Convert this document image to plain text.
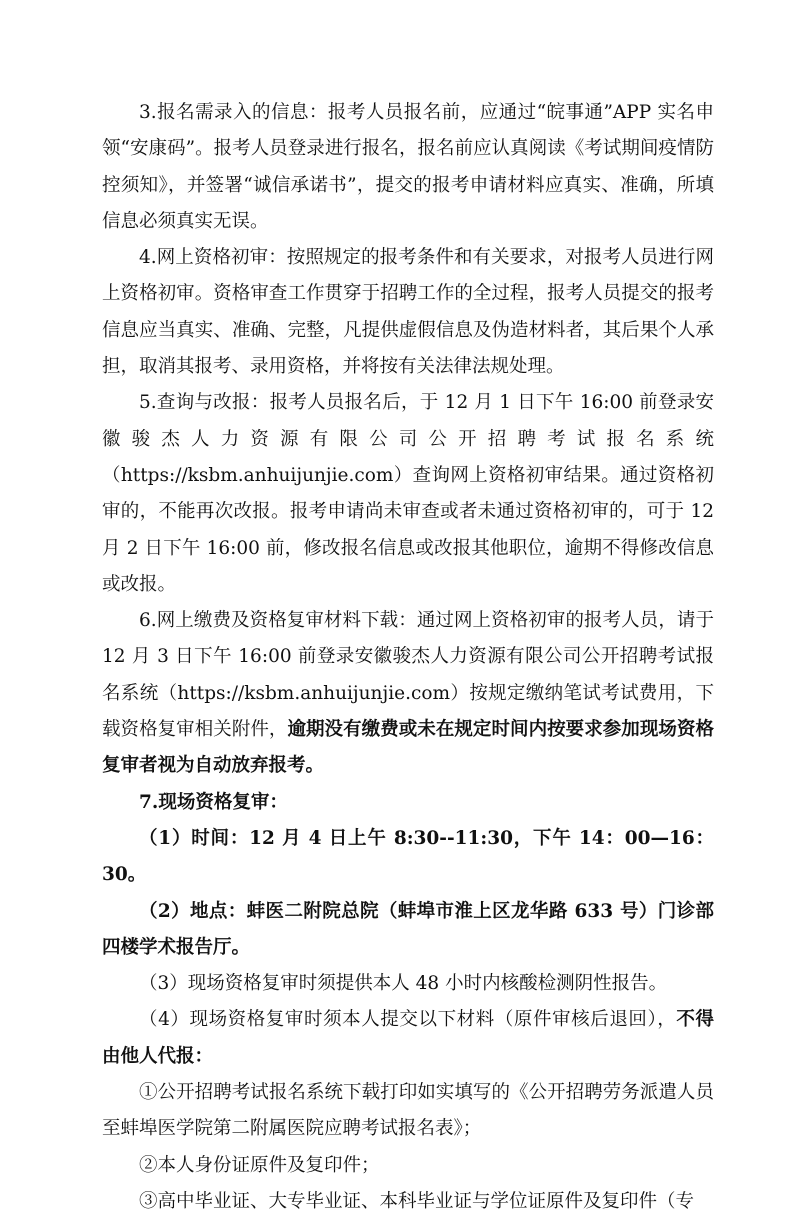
3.报名需录入的信息：报考人员报名前，应通过“皖事通”APP 实名申领“安康码”。报考人员登录进行报名，报名前应认真阅读《考试期间疫情防控须知》，并签署“诚信承诺书”，提交的报考申请材料应真实、准确，所填信息必须真实无误。

4.网上资格初审：按照规定的报考条件和有关要求，对报考人员进行网上资格初审。资格审查工作贯穿于招聘工作的全过程，报考人员提交的报考信息应当真实、准确、完整，凡提供虚假信息及伪造材料者，其后果个人承担，取消其报考、录用资格，并将按有关法律法规处理。

5.查询与改报：报考人员报名后，于 12 月 1 日下午 16:00 前登录安徽骏杰人力资源有限公司公开招聘考试报名系统（https://ksbm.anhuijunjie.com）查询网上资格初审结果。通过资格初审的，不能再次改报。报考申请尚未审查或者未通过资格初审的，可于 12 月 2 日下午 16:00 前，修改报名信息或改报其他职位，逾期不得修改信息或改报。

6.网上缴费及资格复审材料下载：通过网上资格初审的报考人员，请于 12 月 3 日下午 16:00 前登录安徽骏杰人力资源有限公司公开招聘考试报名系统（https://ksbm.anhuijunjie.com）按规定缴纳笔试考试费用，下载资格复审相关附件，逾期没有缴费或未在规定时间内按要求参加现场资格复审者视为自动放弃报考。

7.现场资格复审：

（1）时间：12 月 4 日上午 8:30--11:30，下午 14：00—16：30。

（2）地点：蚌医二附院总院（蚌埠市淮上区龙华路 633 号）门诊部四楼学术报告厅。

（3）现场资格复审时须提供本人 48 小时内核酸检测阴性报告。

（4）现场资格复审时须本人提交以下材料（原件审核后退回），不得由他人代报：

①公开招聘考试报名系统下载打印如实填写的《公开招聘劳务派遣人员至蚌埠医学院第二附属医院应聘考试报名表》；

②本人身份证原件及复印件；

③高中毕业证、大专毕业证、本科毕业证与学位证原件及复印件（专
